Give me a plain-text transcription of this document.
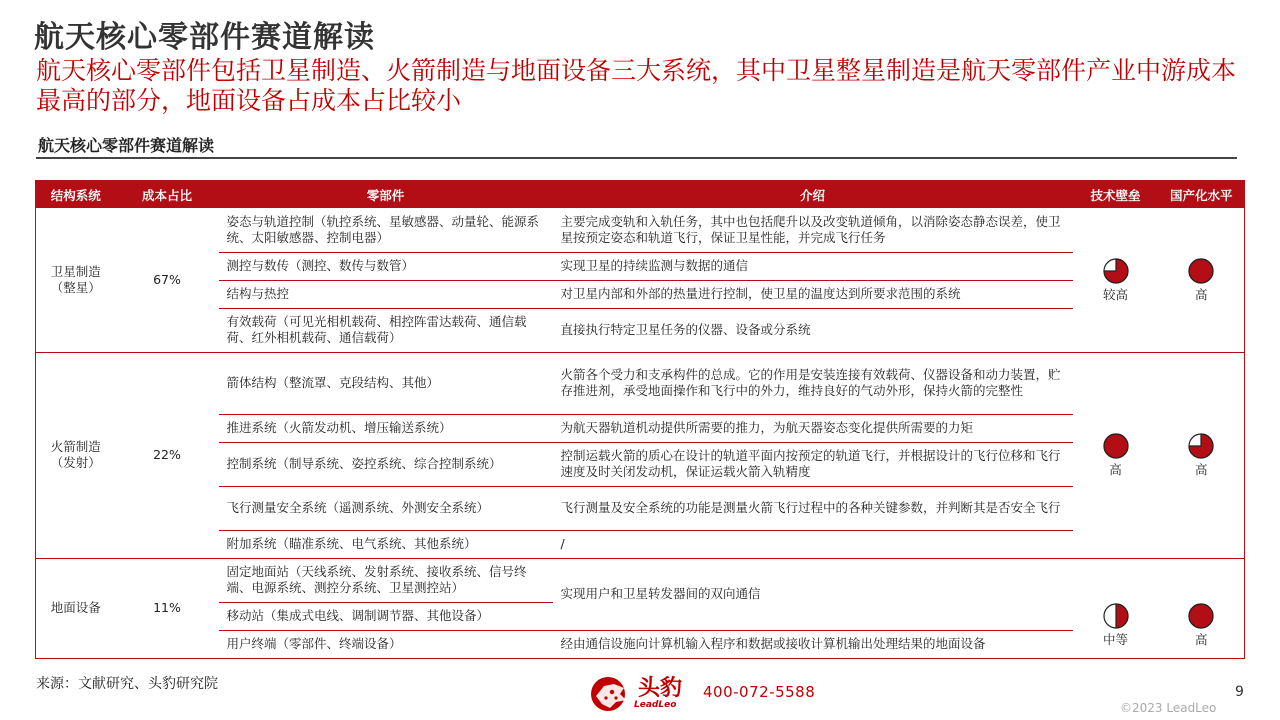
航天核心零部件赛道解读
航天核心零部件包括卫星制造、火箭制造与地面设备三大系统，其中卫星整星制造是航天零部件产业中游成本最高的部分，地面设备占成本占比较小
航天核心零部件赛道解读
结构系统	成本占比	零部件	介绍	技术壁垒	国产化水平
卫星制造
（整星）	67%	姿态与轨道控制（轨控系统、星敏感器、动量轮、能源系统、太阳敏感器、控制电器）	主要完成变轨和入轨任务，其中也包括爬升以及改变轨道倾角，以消除姿态静态误差，使卫星按预定姿态和轨道飞行，保证卫星性能，并完成飞行任务	较高	高

		测控与数传（测控、数传与数管）	实现卫星的持续监测与数据的通信		
		结构与热控	对卫星内部和外部的热量进行控制，使卫星的温度达到所要求范围的系统		
		有效载荷（可见光相机载荷、相控阵雷达载荷、通信载荷、红外相机载荷、通信载荷）	直接执行特定卫星任务的仪器、设备或分系统		
火箭制造
（发射）	22%	箭体结构（整流罩、克段结构、其他）	火箭各个受力和支承构件的总成。它的作用是安装连接有效载荷、仪器设备和动力装置，贮存推进剂，承受地面操作和飞行中的外力，维持良好的气动外形，保持火箭的完整性	高	高

		推进系统（火箭发动机、增压输送系统）	为航天器轨道机动提供所需要的推力，为航天器姿态变化提供所需要的力矩		
		控制系统（制导系统、姿控系统、综合控制系统）	控制运载火箭的质心在设计的轨道平面内按预定的轨道飞行，并根据设计的飞行位移和飞行速度及时关闭发动机，保证运载火箭入轨精度		
		飞行测量安全系统（遥测系统、外测安全系统）	飞行测量及安全系统的功能是测量火箭飞行过程中的各种关键参数，并判断其是否安全飞行		
		附加系统（瞄准系统、电气系统、其他系统）	/		
地面设备	11%	固定地面站（天线系统、发射系统、接收系统、信号终端、电源系统、测控分系统、卫星测控站）	实现用户和卫星转发器间的双向通信	中等	高

		移动站（集成式电线、调制调节器、其他设备）			
		用户终端（零部件、终端设备）	经由通信设施向计算机输入程序和数据或接收计算机输出处理结果的地面设备		
来源：文献研究、头豹研究院	头豹
LeadLeo
400-072-5588	9
©2023 LeadLeo
